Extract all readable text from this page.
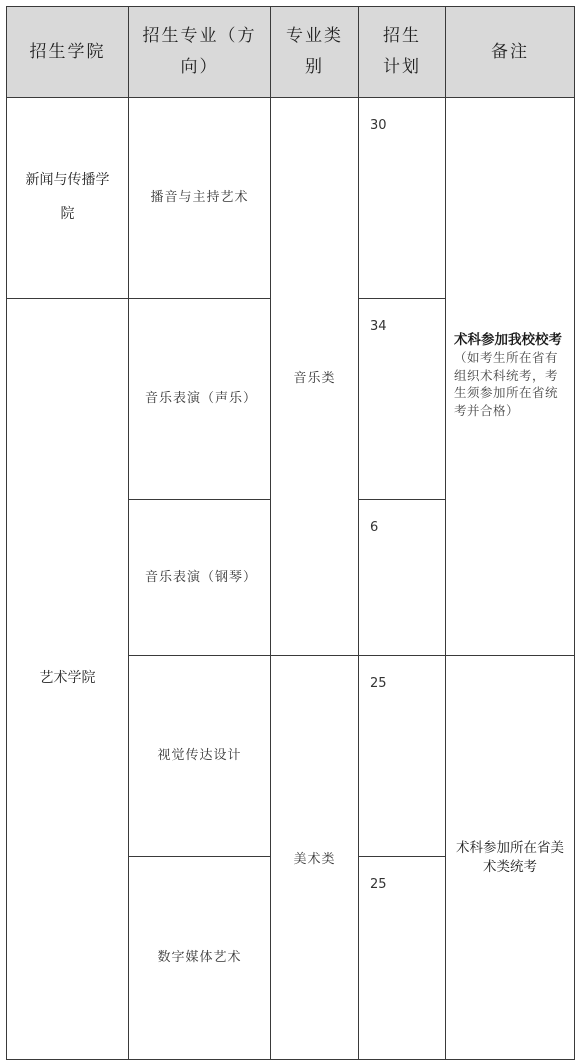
招生学院	招生专业（方向）	专业类别	招生计划	备注
新闻与传播学院	播音与主持艺术	音乐类	30	术科参加我校校考（如考生所在省有组织术科统考，考生须参加所在省统考并合格）
艺术学院	音乐表演（声乐）		34	
	音乐表演（钢琴）		6	
	视觉传达设计	美术类	25	术科参加所在省美术类统考
	数字媒体艺术		25	
